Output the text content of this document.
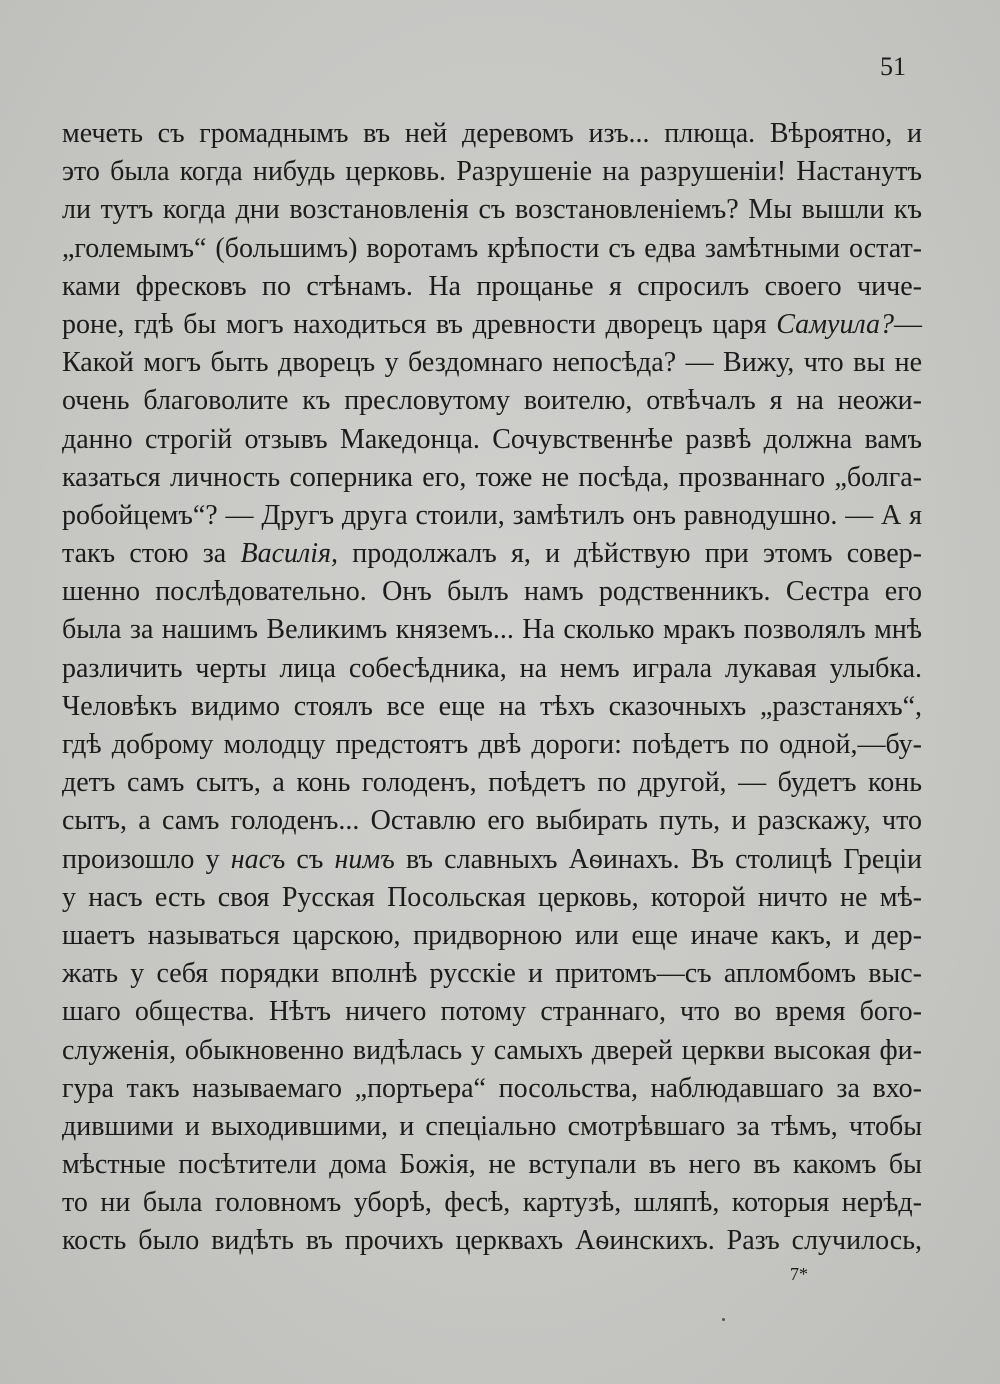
51
мечеть съ громаднымъ въ ней деревомъ изъ... плюща. Вѣроятно, и
это была когда нибудь церковь. Разрушеніе на разрушеніи! Настанутъ
ли тутъ когда дни возстановленія съ возстановленіемъ? Мы вышли къ
„големымъ“ (большимъ) воротамъ крѣпости съ едва замѣтными остат-
ками фресковъ по стѣнамъ. На прощанье я спросилъ своего чиче-
роне, гдѣ бы могъ находиться въ древности дворецъ царя Самуила?—
Какой могъ быть дворецъ у бездомнаго непосѣда? — Вижу, что вы не
очень благоволите къ пресловутому воителю, отвѣчалъ я на неожи-
данно строгій отзывъ Македонца. Сочувственнѣе развѣ должна вамъ
казаться личность соперника его, тоже не посѣда, прозваннаго „болга-
робойцемъ“? — Другъ друга стоили, замѣтилъ онъ равнодушно. — А я
такъ стою за Василія, продолжалъ я, и дѣйствую при этомъ совер-
шенно послѣдовательно. Онъ былъ намъ родственникъ. Сестра его
была за нашимъ Великимъ княземъ... На сколько мракъ позволялъ мнѣ
различить черты лица собесѣдника, на немъ играла лукавая улыбка.
Человѣкъ видимо стоялъ все еще на тѣхъ сказочныхъ „разстаняхъ“,
гдѣ доброму молодцу предстоятъ двѣ дороги: поѣдетъ по одной,—бу-
детъ самъ сытъ, а конь голоденъ, поѣдетъ по другой, — будетъ конь
сытъ, а самъ голоденъ... Оставлю его выбирать путь, и разскажу, что
произошло у насъ съ нимъ въ славныхъ Аѳинахъ. Въ столицѣ Греціи
у насъ есть своя Русская Посольская церковь, которой ничто не мѣ-
шаетъ называться царскою, придворною или еще иначе какъ, и дер-
жать у себя порядки вполнѣ русскіе и притомъ—съ апломбомъ выс-
шаго общества. Нѣтъ ничего потому страннаго, что во время бого-
служенія, обыкновенно видѣлась у самыхъ дверей церкви высокая фи-
гура такъ называемаго „портьера“ посольства, наблюдавшаго за вхо-
дившими и выходившими, и спеціально смотрѣвшаго за тѣмъ, чтобы
мѣстные посѣтители дома Божія, не вступали въ него въ какомъ бы
то ни была головномъ уборѣ, фесѣ, картузѣ, шляпѣ, которыя нерѣд-
кость было видѣть въ прочихъ церквахъ Аѳинскихъ. Разъ случилось,
7*
